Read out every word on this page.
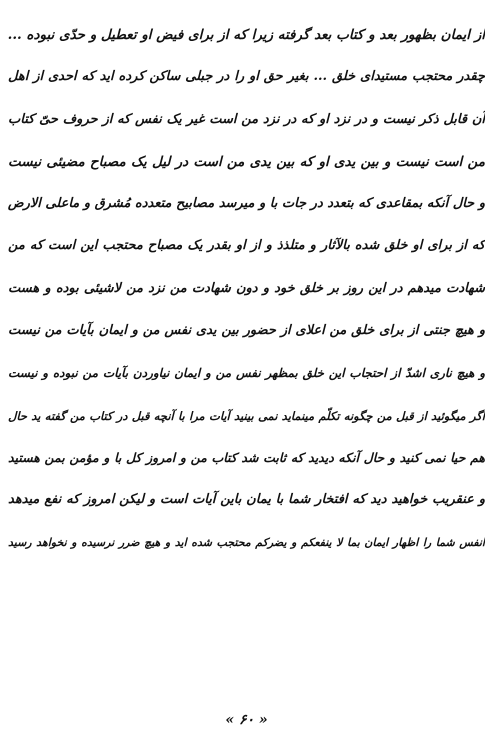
از ایمان بظهور بعد و کتاب بعد گرفته زیرا که از برای فیض او تعطیل و حدّی نبوده ...
چقدر محتجب مستیدای خلق ... بغیر حق او را در جبلی ساکن کرده اید که احدی از اهل
آن قابل ذکر نیست و در نزد او که در نزد من است غیر یک نفس که از حروف حیّ کتاب
من است نیست و بین یدی او که بین یدی من است در لیل یک مصباح مضیئی نیست
و حال آنکه بمقاعدی که بتعدد در جات با و میرسد مصابیح متعدده مُشرق و ماعلی الارض
که از برای او خلق شده بالآثار و متلذذ و از او بقدر یک مصباح محتجب این است که من
شهادت میدهم در این روز بر خلق خود و دون شهادت من نزد من لاشیئی بوده و هست
و هیچ جنتی از برای خلق من اعلای از حضور بین یدی نفس من و ایمان بآیات من نیست
و هیچ ناری اشدّ از احتجاب این خلق بمظهر نفس من و ایمان نیاوردن بآیات من نبوده و نیست
اگر میگوئید از قبل من چگونه تکلّم مینماید نمی بینید آیات مرا با آنچه قبل در کتاب من گفته ید حال
هم حیا نمی کنید و حال آنکه دیدید که ثابت شد کتاب من و امروز کل با و مؤمن بمن هستید
و عنقریب خواهید دید که افتخار شما با یمان باین آیات است و لیکن امروز که نفع میدهد
انفس شما را اظهار ایمان بما لا ینفعکم و یضرکم محتجب شده اید و هیچ ضرر نرسیده و نخواهد رسید
« ۶۰ »
